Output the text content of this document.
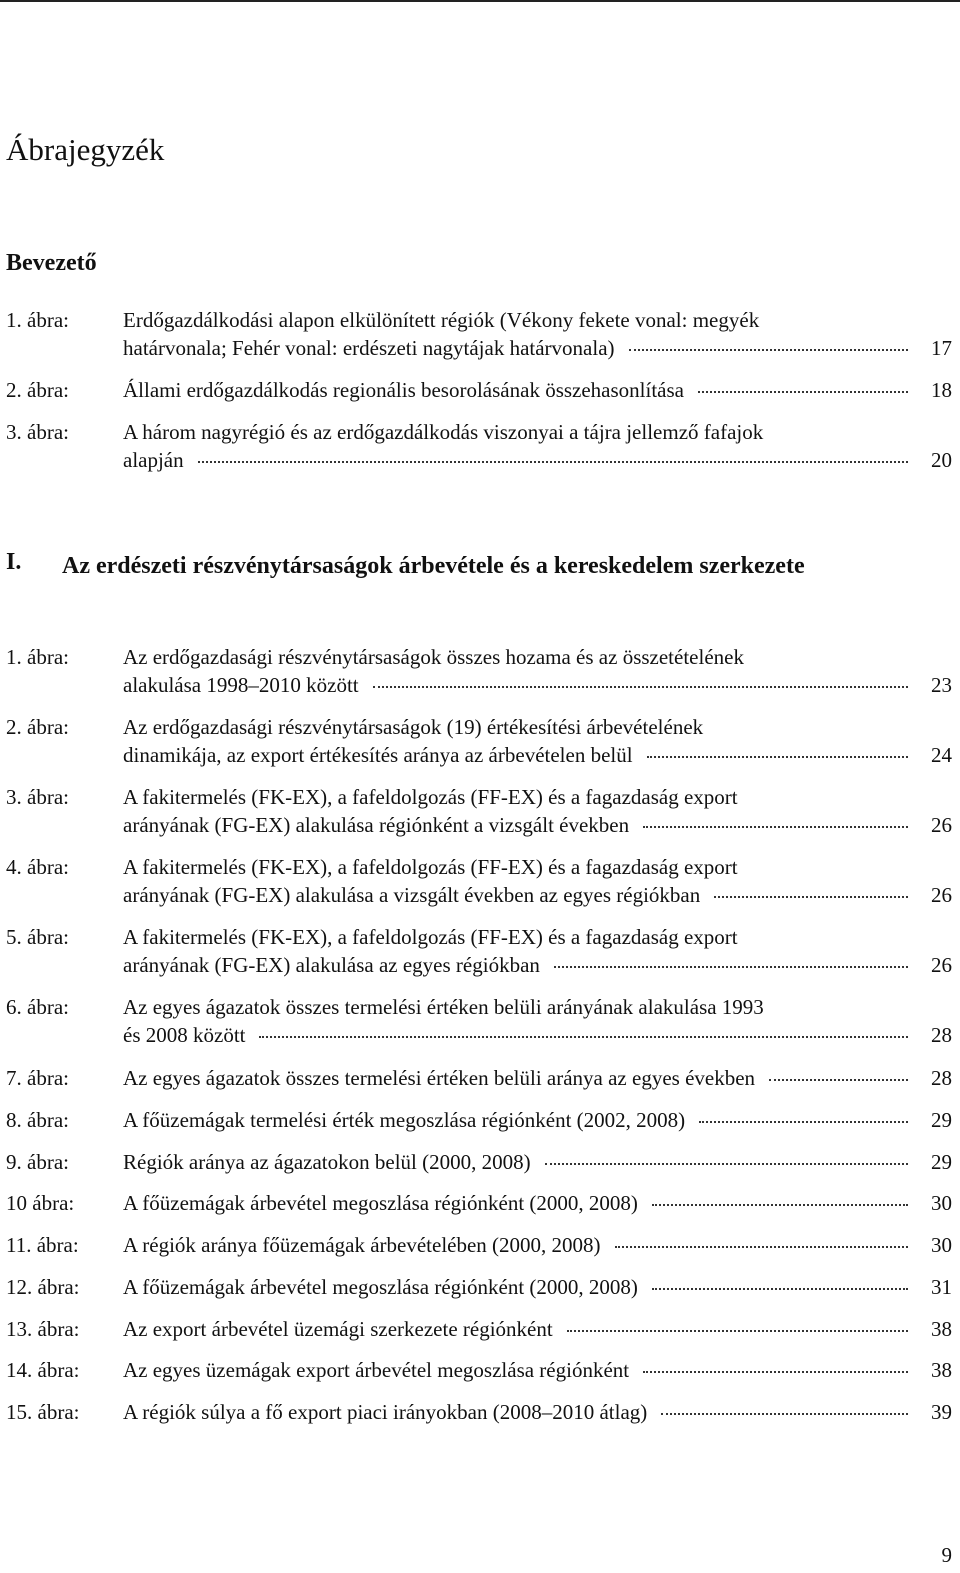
Ábrajegyzék
Bevezető
I. Az erdészeti részvénytársaságok árbevétele és a kereskedelem szerkezete
1. ábra:	Erdőgazdálkodási alapon elkülönített régiók (Vékony fekete vonal: megyék
határvonala; Fehér vonal: erdészeti nagytájak határvonala)	17
2. ábra:	Állami erdőgazdálkodás regionális besorolásának összehasonlítása	18
3. ábra:	A három nagyrégió és az erdőgazdálkodás viszonyai a tájra jellemző fafajok
alapján	20
1. ábra:	Az erdőgazdasági részvénytársaságok összes hozama és az összetételének
alakulása 1998–2010 között	23
2. ábra:	Az erdőgazdasági részvénytársaságok (19) értékesítési árbevételének
dinamikája, az export értékesítés aránya az árbevételen belül	24
3. ábra:	A fakitermelés (FK-EX), a fafeldolgozás (FF-EX) és a fagazdaság export
arányának (FG-EX) alakulása régiónként a vizsgált években	26
4. ábra:	A fakitermelés (FK-EX), a fafeldolgozás (FF-EX) és a fagazdaság export
arányának (FG-EX) alakulása a vizsgált években az egyes régiókban	26
5. ábra:	A fakitermelés (FK-EX), a fafeldolgozás (FF-EX) és a fagazdaság export
arányának (FG-EX) alakulása az egyes régiókban	26
6. ábra:	Az egyes ágazatok összes termelési értéken belüli arányának alakulása 1993
és 2008 között	28
7. ábra:	Az egyes ágazatok összes termelési értéken belüli aránya az egyes években	28
8. ábra:	A főüzemágak termelési érték megoszlása régiónként (2002, 2008)	29
9. ábra:	Régiók aránya az ágazatokon belül (2000, 2008)	29
10 ábra: A főüzemágak árbevétel megoszlása régiónként (2000, 2008)	30
11. ábra: A régiók aránya főüzemágak árbevételében (2000, 2008)	30
12. ábra: A főüzemágak árbevétel megoszlása régiónként (2000, 2008)	31
13. ábra: Az export árbevétel üzemági szerkezete régiónként	38
14. ábra: Az egyes üzemágak export árbevétel megoszlása régiónként	38
15. ábra: A régiók súlya a fő export piaci irányokban (2008–2010 átlag)	39
9
